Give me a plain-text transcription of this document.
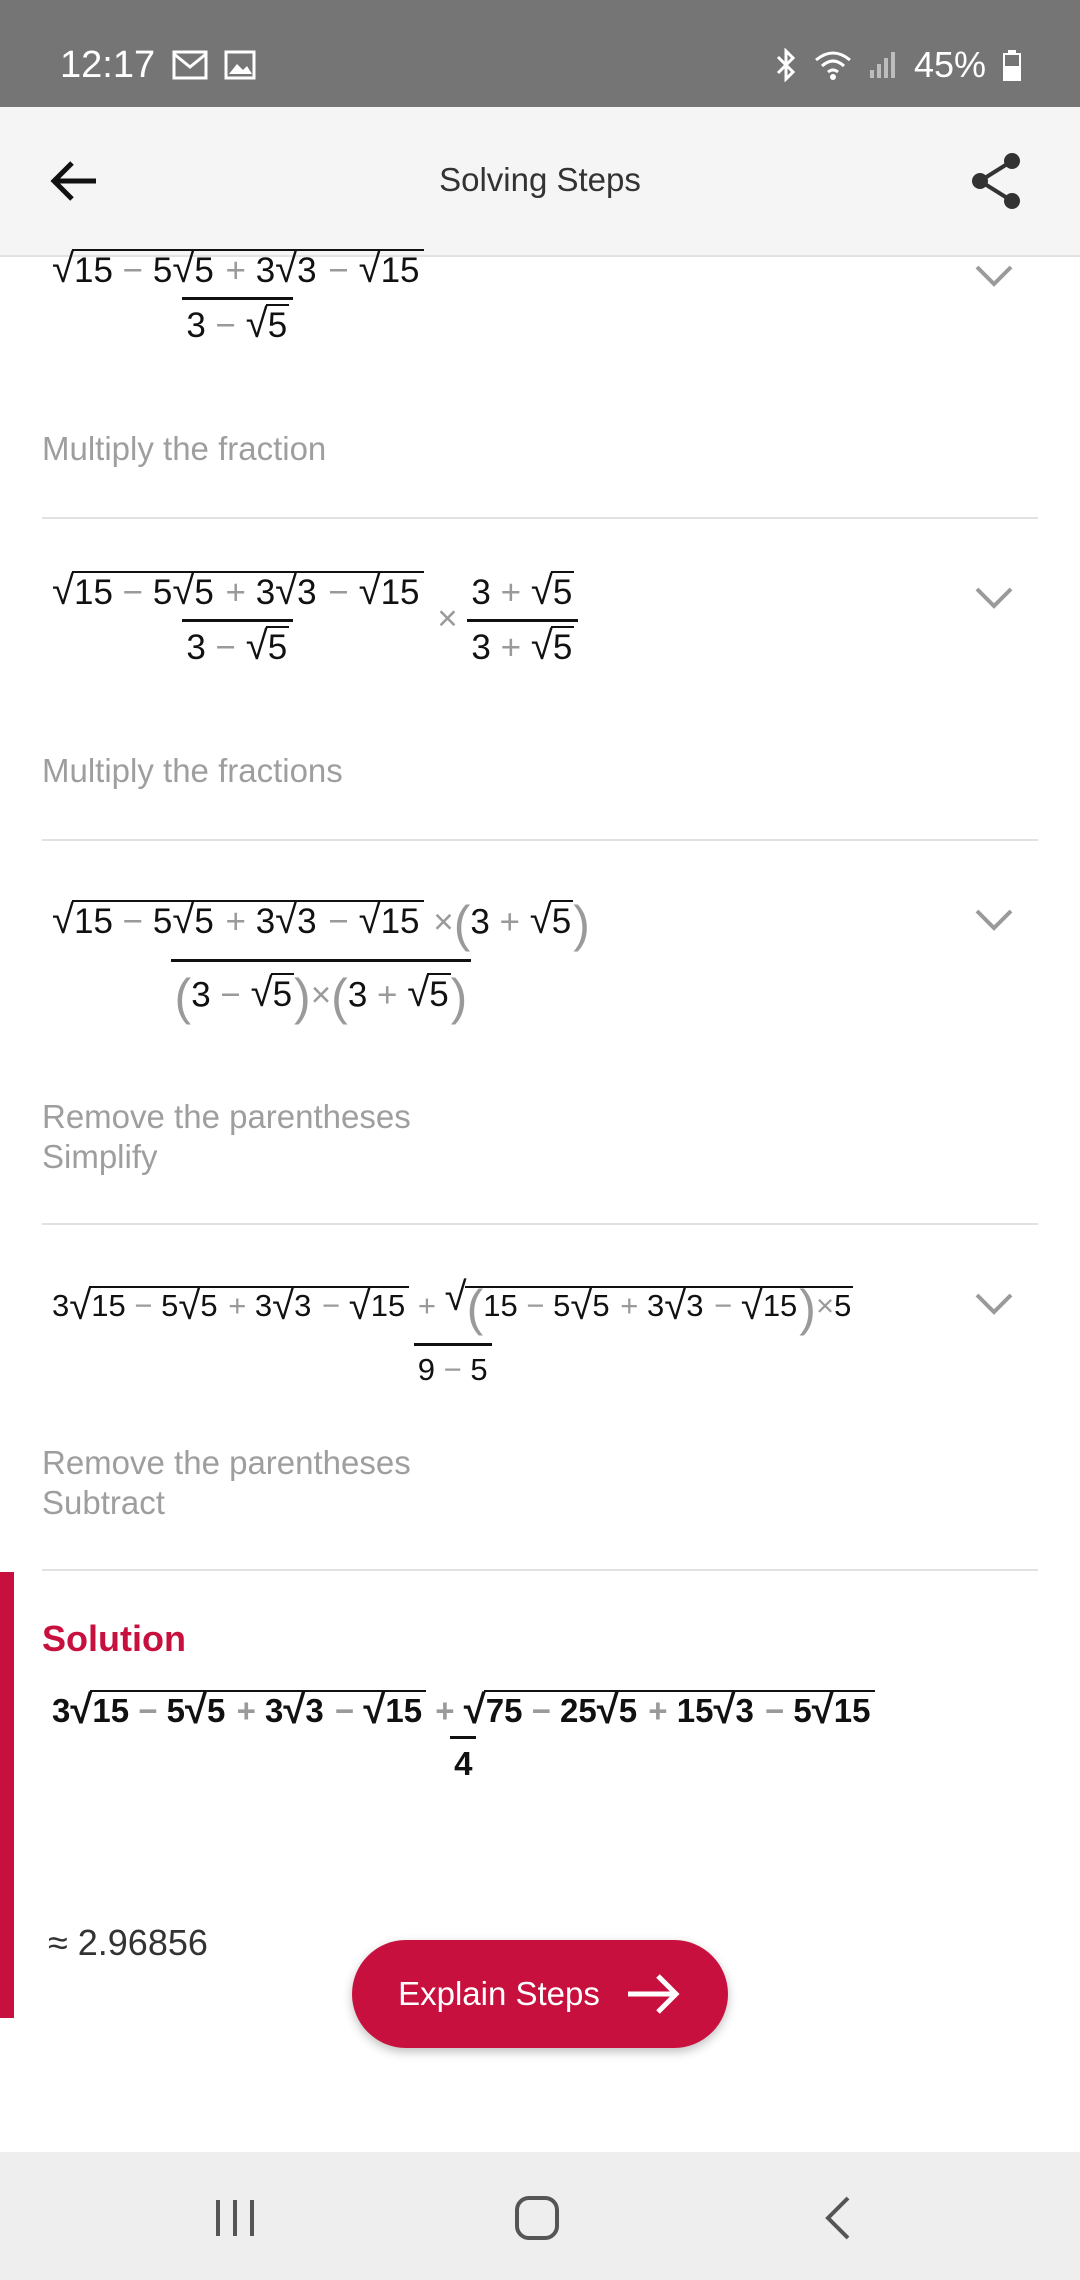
12:17	45%
Solving Steps
√ $\frac{15 - 5 √ 5 + 3 √ 3 - √ 15}{3 - √ 5}$
Multiply the fraction
√ $\frac{15 - 5 √ 5 + 3 √ 3 - √ 15}{3 - √ 5} \times \frac{3 + √ 5}{3 + √ 5}$
Multiply the fractions
√ $\frac{15 - 5 √ 5 + 3 √ 3 - √ 15 \times(3 + √ 5)}{(3 - √ 5)\times(3 + √ 5)}$
Remove the parentheses
Simplify
$\frac{3 √ 15 - 5 √ 5 + 3 √ 3 - √ 15 + √ (15 - 5 √ 5 + 3 √ 3 - √ 15)\times 5}{9 - 5}$
Remove the parentheses
Subtract
Solution
$\frac{3 √ 15 - 5 √ 5 + 3 √ 3 - √ 15 + √ 75 - 25 √ 5 + 15 √ 3 - 5 √ 15}{4}$
≈ 2.96856
Explain Steps
